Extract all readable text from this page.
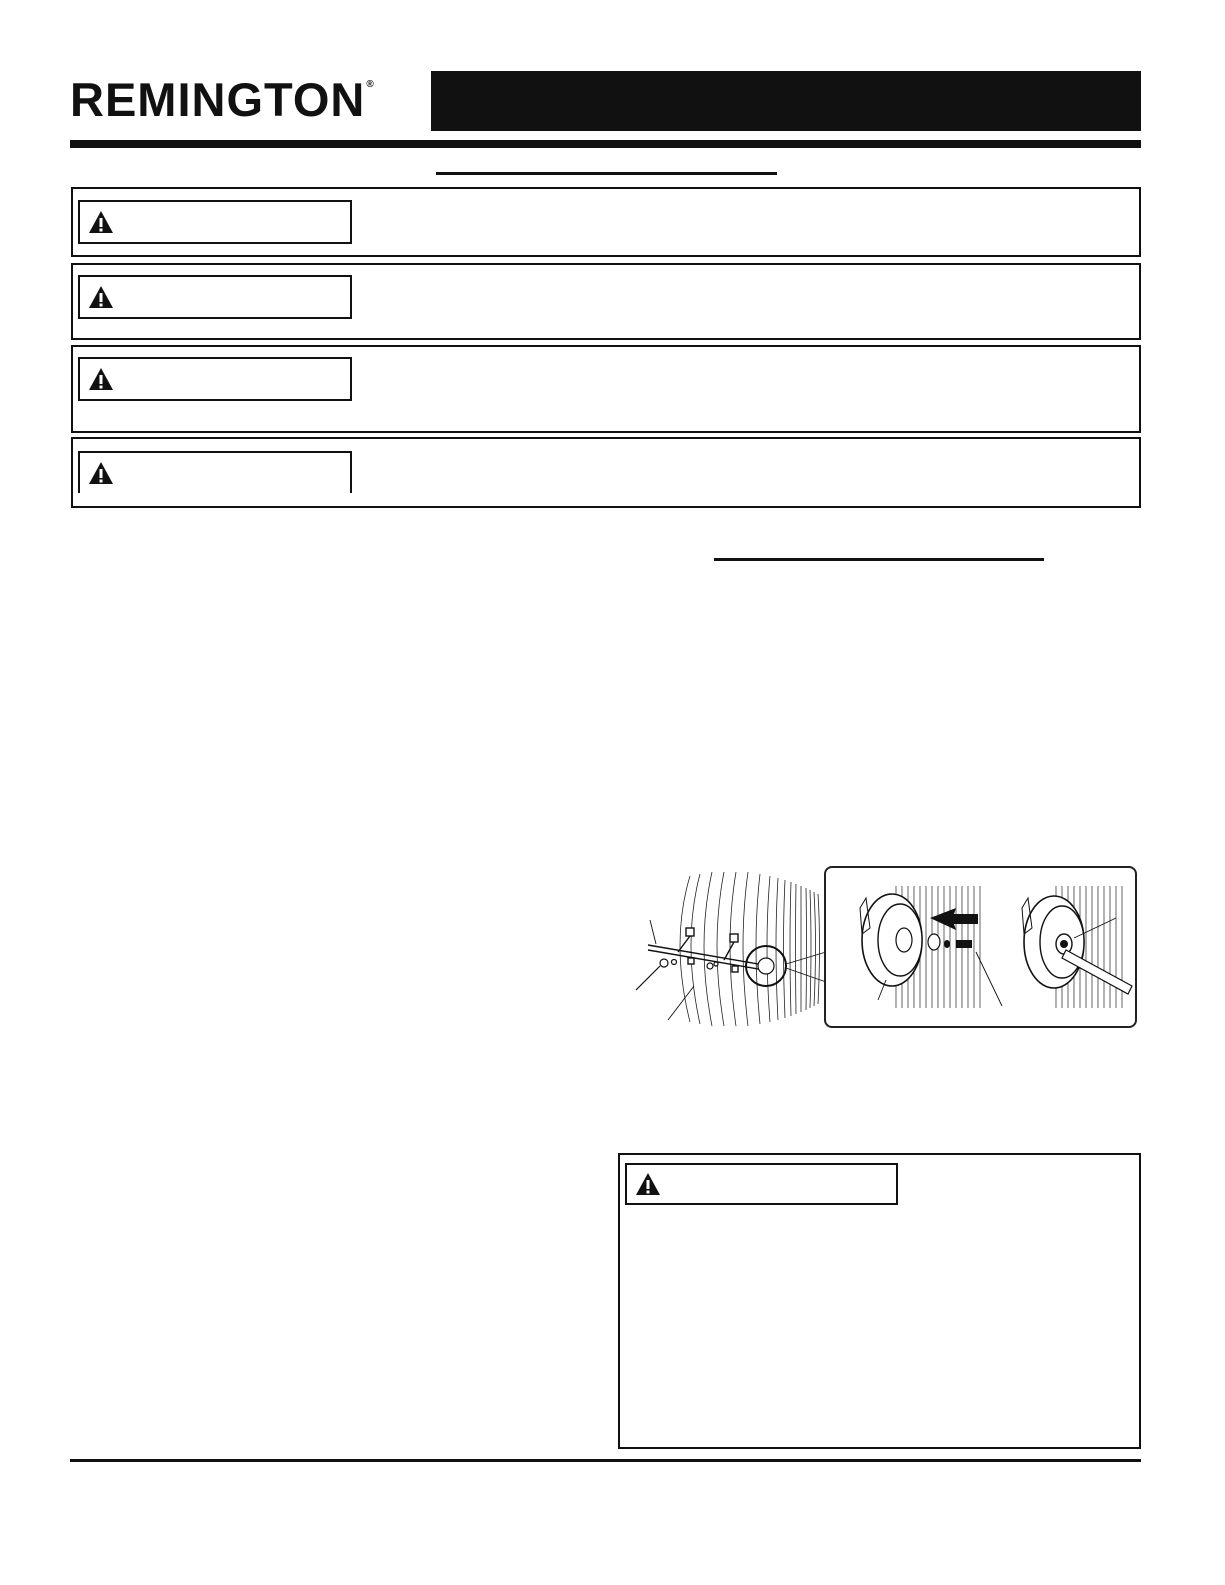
REMINGTON®
